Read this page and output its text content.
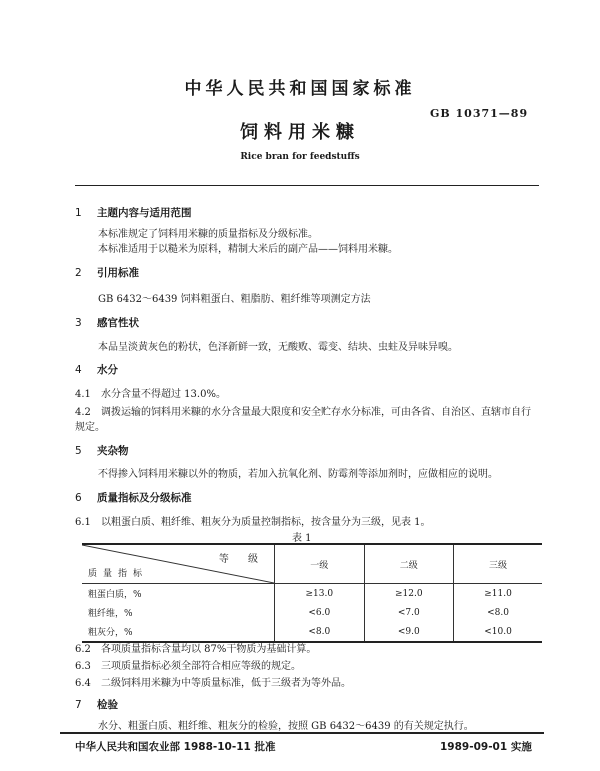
中华人民共和国国家标准
GB 10371—89
饲料用米糠
Rice bran for feedstuffs
1 主题内容与适用范围
本标准规定了饲料用米糠的质量指标及分级标准。
本标准适用于以糙米为原料，精制大米后的副产品——饲料用米糠。
2 引用标准
GB 6432～6439 饲料粗蛋白、粗脂肪、粗纤维等项测定方法
3 感官性状
本品呈淡黄灰色的粉状，色泽新鲜一致，无酸败、霉变、结块、虫蛀及异味异嗅。
4 水分
4.1 水分含量不得超过 13.0%。
4.2 调拨运输的饲料用米糠的水分含量最大限度和安全贮存水分标准，可由各省、自治区、直辖市自行
规定。
5 夹杂物
不得掺入饲料用米糠以外的物质，若加入抗氧化剂、防霉剂等添加剂时，应做相应的说明。
6 质量指标及分级标准
6.1 以粗蛋白质、粗纤维、粗灰分为质量控制指标，按含量分为三级，见表 1。
表 1
等 级
质量指标	一级	二级	三级
粗蛋白质，%	≥13.0	≥12.0	≥11.0
粗纤维，%	<6.0	<7.0	<8.0
粗灰分，%	<8.0	<9.0	<10.0
6.2 各项质量指标含量均以 87%干物质为基础计算。
6.3 三项质量指标必须全部符合相应等级的规定。
6.4 二级饲料用米糠为中等质量标准，低于三级者为等外品。
7 检验
水分、粗蛋白质、粗纤维、粗灰分的检验，按照 GB 6432～6439 的有关规定执行。
中华人民共和国农业部 1988-10-11 批准	1989-09-01 实施
